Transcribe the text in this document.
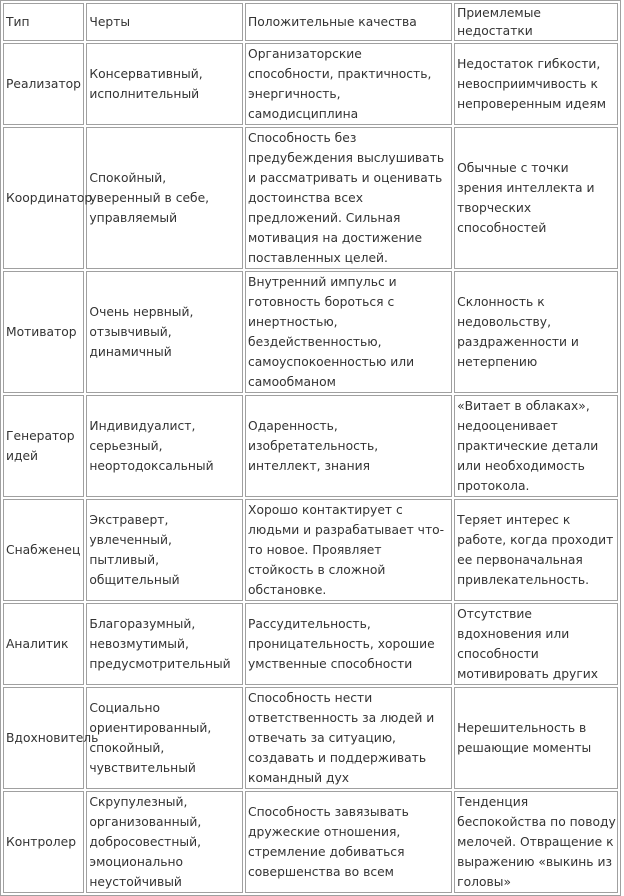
Тип	Черты	Положительные качества	Приемлемые недостатки
Реализатор	Консервативный, исполнительный	Организаторские способности, практичность, энергичность, самодисциплина	Недостаток гибкости, невосприимчивость к непроверенным идеям
Координатор	Спокойный, уверенный в себе, управляемый	Способность без предубеждения выслушивать и рассматривать и оценивать достоинства всех предложений. Сильная мотивация на достижение поставленных целей.	Обычные с точки зрения интеллекта и творческих способностей
Мотиватор	Очень нервный, отзывчивый, динамичный	Внутренний импульс и готовность бороться с инертностью, бездейственностью, самоуспокоенностью или самообманом	Склонность к недовольству, раздраженности и нетерпению
Генератор идей	Индивидуалист, серьезный, неортодоксальный	Одаренность, изобретательность, интеллект, знания	«Витает в облаках», недооценивает практические детали или необходимость протокола.
Снабженец	Экстраверт, увлеченный, пытливый, общительный	Хорошо контактирует с людьми и разрабатывает что-то новое. Проявляет стойкость в сложной обстановке.	Теряет интерес к работе, когда проходит ее первоначальная привлекательность.
Аналитик	Благоразумный, невозмутимый, предусмотрительный	Рассудительность, проницательность, хорошие умственные способности	Отсутствие вдохновения или способности мотивировать других
Вдохновитель	Социально ориентированный, спокойный, чувствительный	Способность нести ответственность за людей и отвечать за ситуацию, создавать и поддерживать командный дух	Нерешительность в решающие моменты
Контролер	Скрупулезный, организованный, добросовестный, эмоционально неустойчивый	Способность завязывать дружеские отношения, стремление добиваться совершенства во всем	Тенденция беспокойства по поводу мелочей. Отвращение к выражению «выкинь из головы»
